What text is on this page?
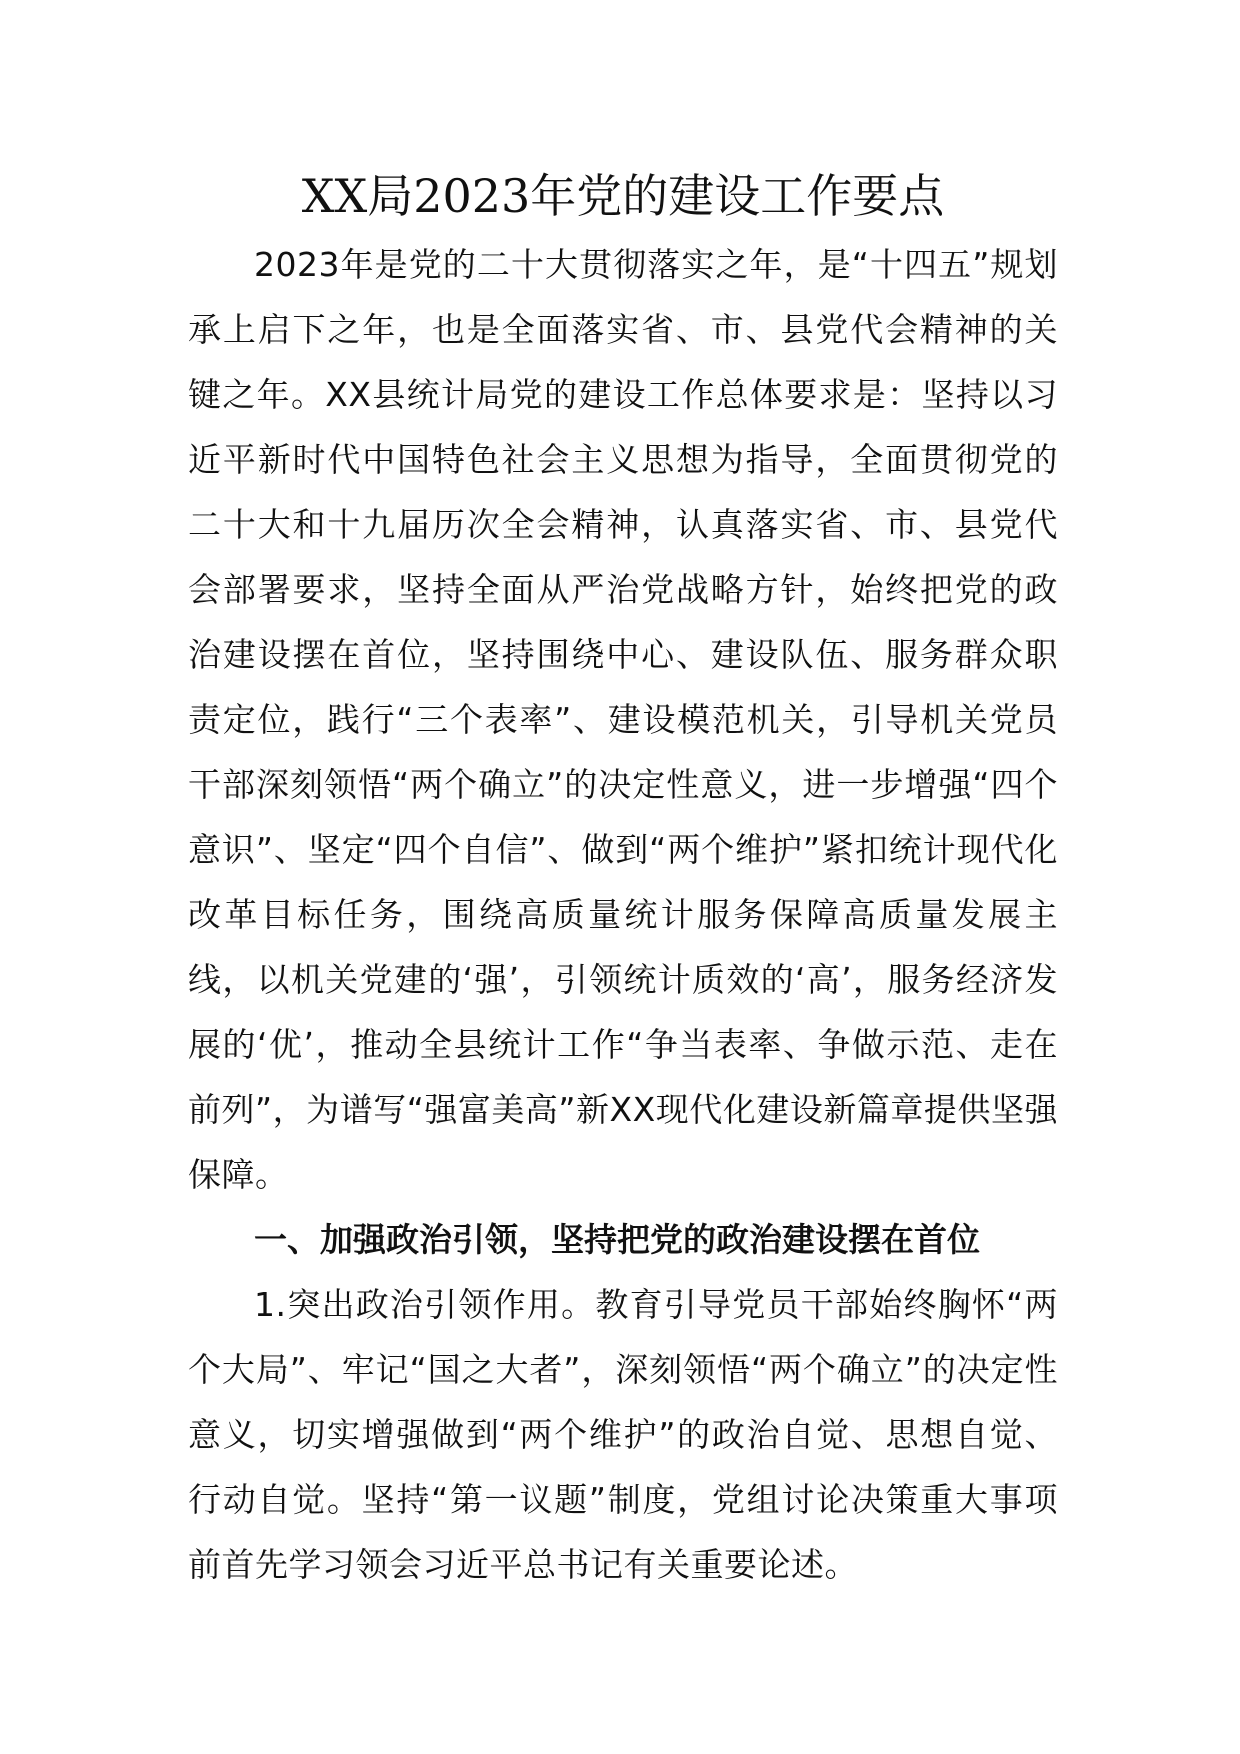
XX局2023年党的建设工作要点

2023年是党的二十大贯彻落实之年，是“十四五”规划承上启下之年，也是全面落实省、市、县党代会精神的关键之年。XX县统计局党的建设工作总体要求是：坚持以习近平新时代中国特色社会主义思想为指导，全面贯彻党的二十大和十九届历次全会精神，认真落实省、市、县党代会部署要求，坚持全面从严治党战略方针，始终把党的政治建设摆在首位，坚持围绕中心、建设队伍、服务群众职责定位，践行“三个表率”、建设模范机关，引导机关党员干部深刻领悟“两个确立”的决定性意义，进一步增强“四个意识”、坚定“四个自信”、做到“两个维护”紧扣统计现代化改革目标任务，围绕高质量统计服务保障高质量发展主线，以机关党建的‘强’，引领统计质效的‘高’，服务经济发展的‘优’，推动全县统计工作“争当表率、争做示范、走在前列”，为谱写“强富美高”新XX现代化建设新篇章提供坚强保障。

一、加强政治引领，坚持把党的政治建设摆在首位

1.突出政治引领作用。教育引导党员干部始终胸怀“两个大局”、牢记“国之大者”，深刻领悟“两个确立”的决定性意义，切实增强做到“两个维护”的政治自觉、思想自觉、行动自觉。坚持“第一议题”制度，党组讨论决策重大事项前首先学习领会习近平总书记有关重要论述。
